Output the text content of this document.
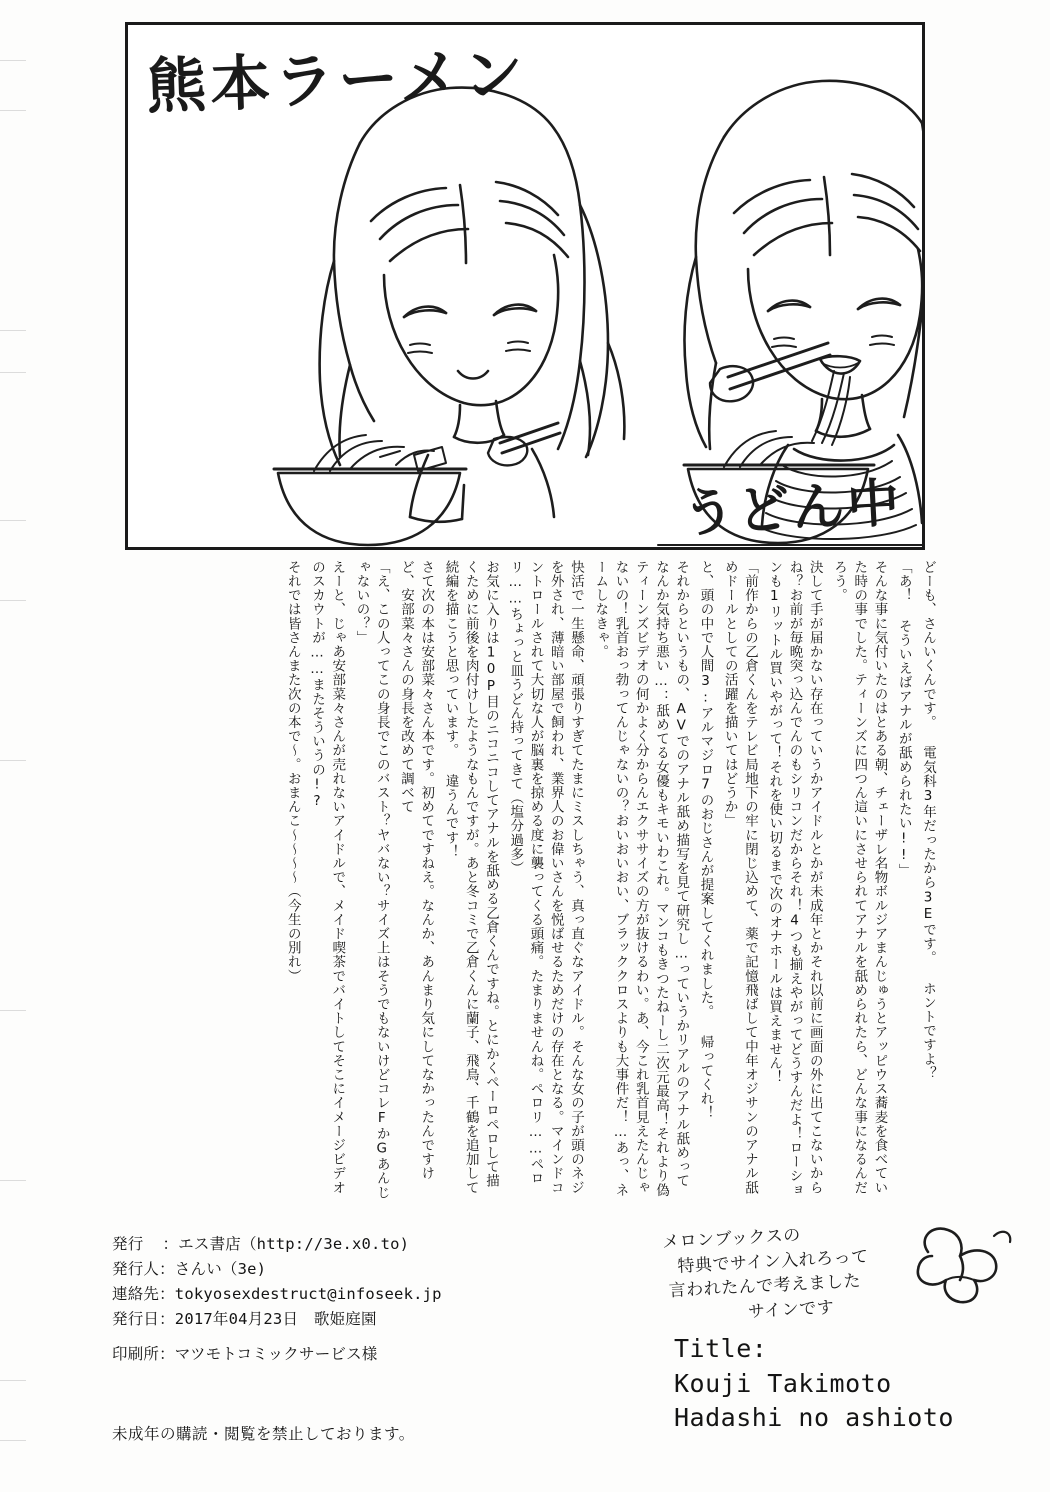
熊本ラーメン
うどん中
どーも、さんいくんです。 電気科3年だったから3Eです。 ホントですよ？
「あ！ そういえばアナルが舐められたい!!」
そんな事に気付いたのはとある朝、チェーザレ名物ボルジアまんじゅうとアッピウス蕎麦を食べていた時の事でした。ティーンズに四つん這いにさせられてアナルを舐められたら、どんな事になるんだろう。
決して手が届かない存在っていうかアイドルとかが未成年とかそれ以前に画面の外に出てこないからね？お前が毎晩突っ込んでんのもシリコンだからそれ！4つも揃えやがってどうすんだよ！ローションも1リットル買いやがって！それを使い切るまで次のオナホールは買えません！
「前作からの乙倉くんをテレビ局地下の牢に閉じ込めて、薬で記憶飛ばして中年オジサンのアナル舐めドールとしての活躍を描いてはどうか」
と、頭の中で人間3:アルマジロ7のおじさんが提案してくれました。 帰ってくれ！
それからというもの、AVでのアナル舐め描写を見て研究し…っていうかリアルのアナル舐めってなんか気持ち悪い…：舐めてる女優もキモいわこれ。マンコもきつたねーし二次元最高！それより偽ティーンズビデオの何かよく分からんエクササイズの方が抜けるわい。あ、今これ乳首見えたんじゃないの！乳首おっ勃ってんじゃないの？おいおいおい、ブラッククロスよりも大事件だ！…あっ、ネームしなきゃ。
快活で一生懸命、頑張りすぎてたまにミスしちゃう、真っ直ぐなアイドル。そんな女の子が頭のネジを外され、薄暗い部屋で飼われ、業界人のお偉いさんを悦ばせるためだけの存在となる。マインドコントロールされて大切な人が脳裏を掠める度に襲ってくる頭痛。たまりませんね。ペロリ……ペロリ……ちょっと皿うどん持ってきて（塩分過多）
お気に入りは10P目のニコニコしてアナルを舐める乙倉くんですね。とにかくペーロペロして描くために前後を肉付けしたようなもんですが。あと冬コミで乙倉くんに蘭子、飛鳥、千鶴を追加して続編を描こうと思っています。 違うんです！
さて次の本は安部菜々さん本です。初めてですねえ。なんか、あんまり気にしてなかったんですけど、安部菜々さんの身長を改めて調べて
「え、この人ってこの身長でこのバスト？ヤバない？サイズ上はそうでもないけどコレFかGあんじゃないの？」
えーと、じゃあ安部菜々さんが売れないアイドルで、メイド喫茶でバイトしてそこにイメージビデオのスカウトが……またそういうの!?
それでは皆さんまた次の本で〜。おまんこ〜〜〜〜（今生の別れ）
発行  ：エス書店（http://3e.x0.to)
発行人：さんい（3e)
連絡先：tokyosexdestruct@infoseek.jp
発行日：2017年04月23日　歌姫庭園
印刷所：マツモトコミックサービス様
未成年の購読・閲覧を禁止しております。
メロンブックスの
特典でサイン入れろって
言われたんで考えました
サインです
Title:
Kouji Takimoto
Hadashi no ashioto
